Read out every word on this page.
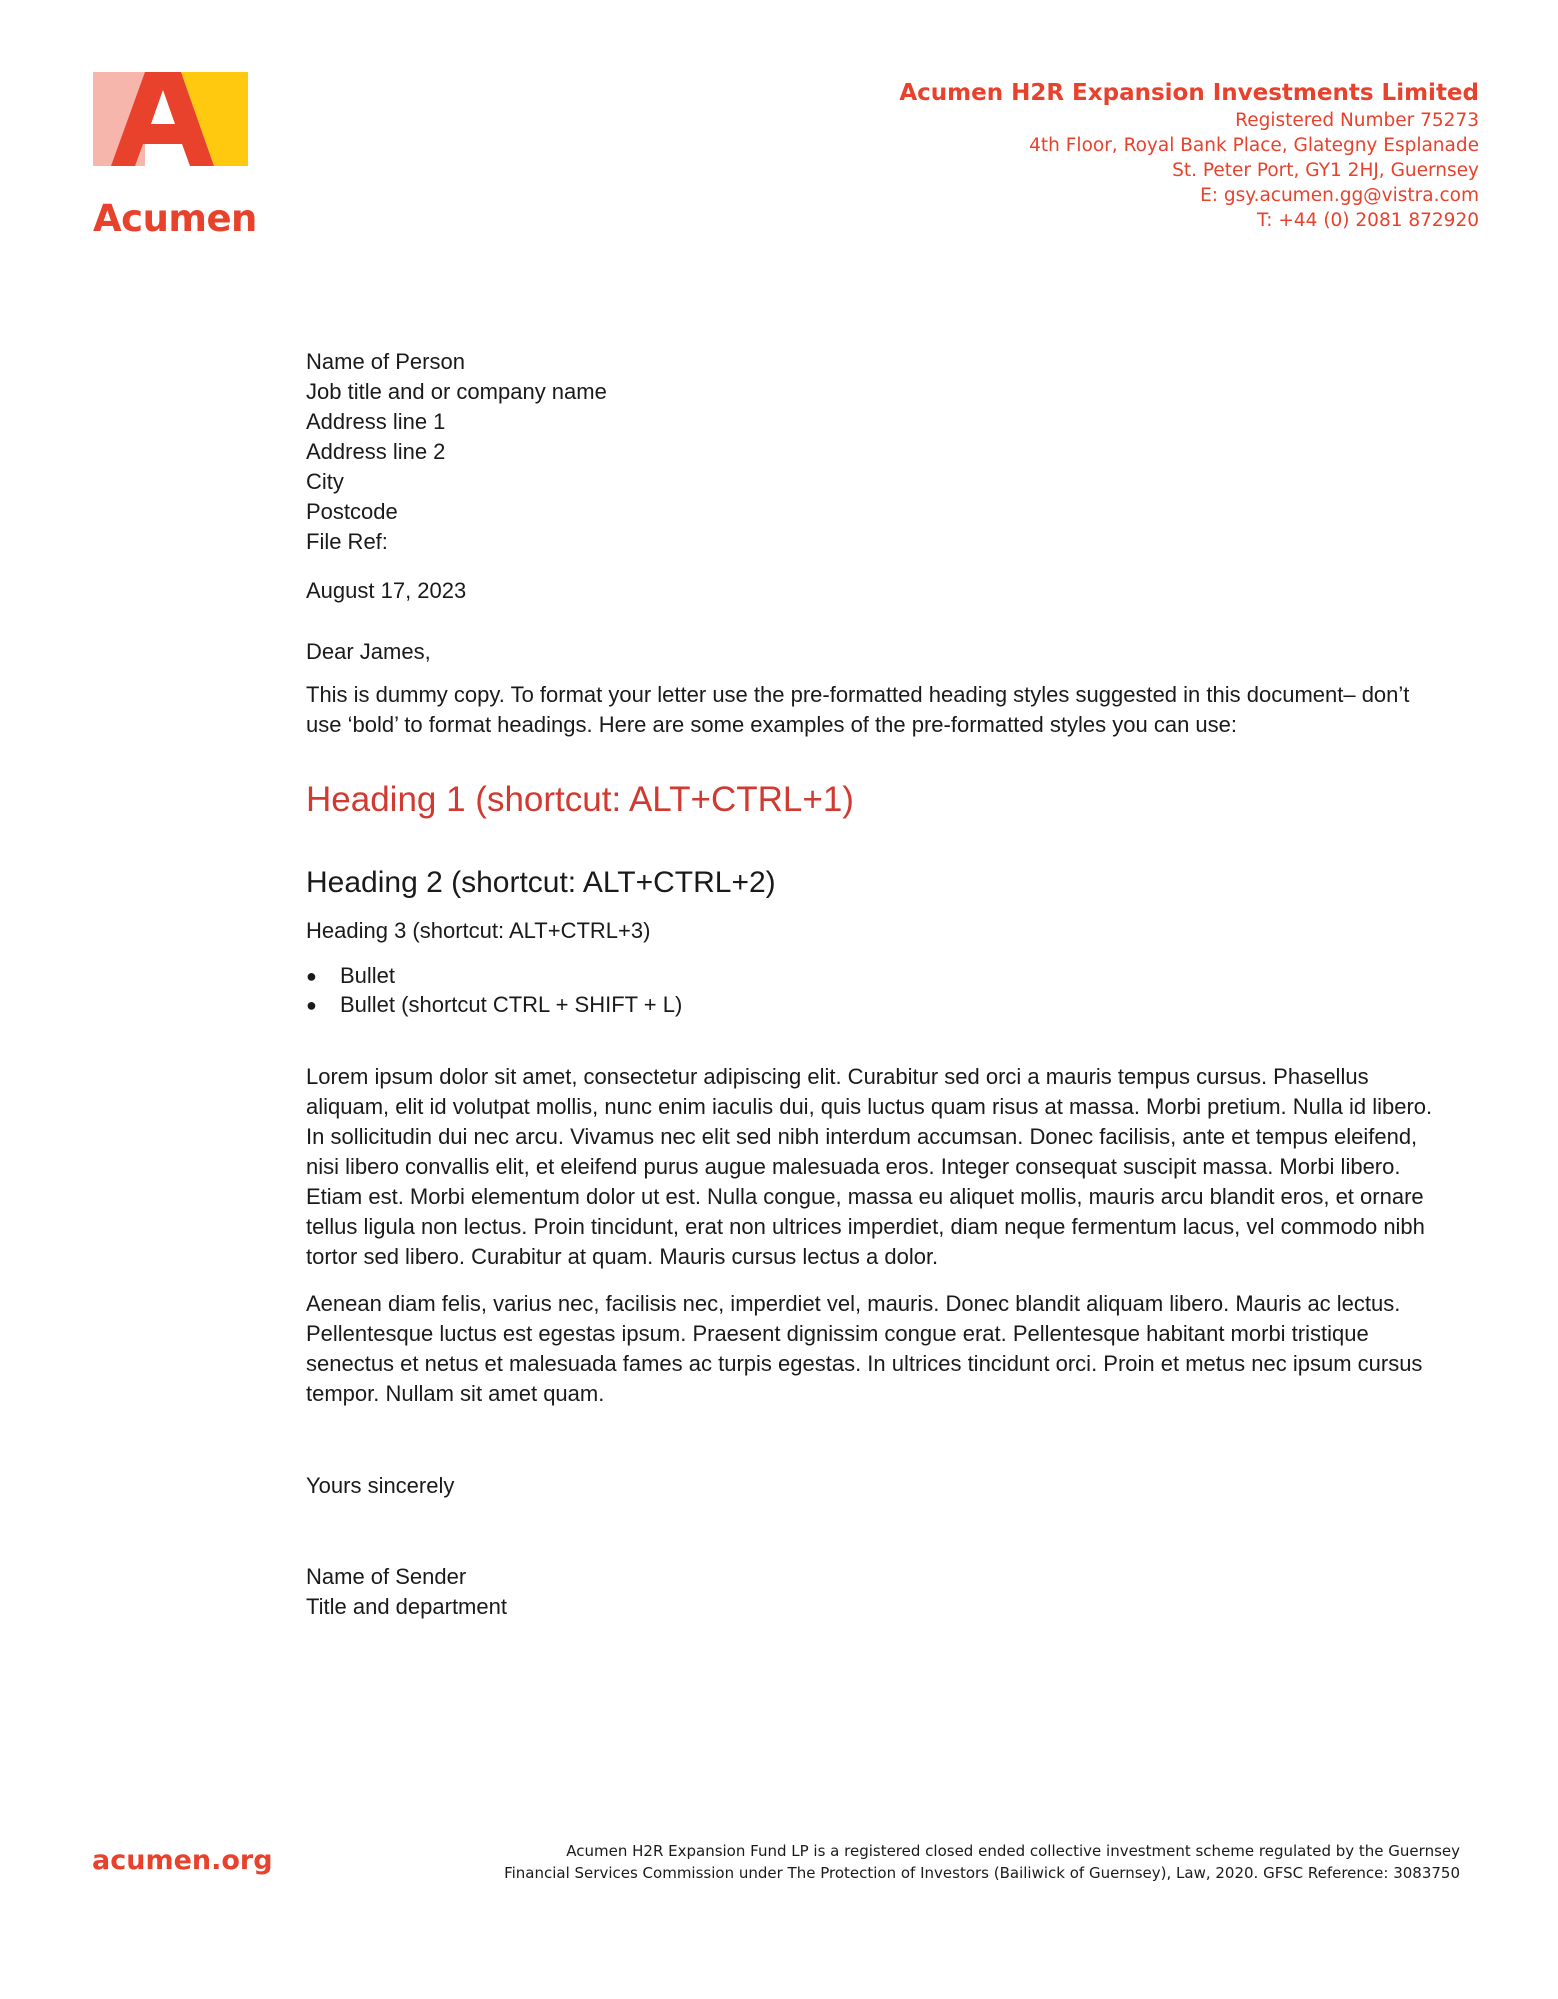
Acumen
Acumen H2R Expansion Investments Limited
Registered Number 75273
4th Floor, Royal Bank Place, Glategny Esplanade
St. Peter Port, GY1 2HJ, Guernsey
E: gsy.acumen.gg@vistra.com
T: +44 (0) 2081 872920
Name of Person
Job title and or company name
Address line 1
Address line 2
City
Postcode
File Ref:
August 17, 2023
Dear James,
This is dummy copy. To format your letter use the pre-formatted heading styles suggested in this document– don’t use ‘bold’ to format headings. Here are some examples of the pre-formatted styles you can use:
Heading 1 (shortcut: ALT+CTRL+1)
Heading 2 (shortcut: ALT+CTRL+2)
Heading 3 (shortcut: ALT+CTRL+3)
● Bullet
● Bullet (shortcut CTRL + SHIFT + L)
Lorem ipsum dolor sit amet, consectetur adipiscing elit. Curabitur sed orci a mauris tempus cursus. Phasellus aliquam, elit id volutpat mollis, nunc enim iaculis dui, quis luctus quam risus at massa. Morbi pretium. Nulla id libero. In sollicitudin dui nec arcu. Vivamus nec elit sed nibh interdum accumsan. Donec facilisis, ante et tempus eleifend, nisi libero convallis elit, et eleifend purus augue malesuada eros. Integer consequat suscipit massa. Morbi libero. Etiam est. Morbi elementum dolor ut est. Nulla congue, massa eu aliquet mollis, mauris arcu blandit eros, et ornare tellus ligula non lectus. Proin tincidunt, erat non ultrices imperdiet, diam neque fermentum lacus, vel commodo nibh tortor sed libero. Curabitur at quam. Mauris cursus lectus a dolor.
Aenean diam felis, varius nec, facilisis nec, imperdiet vel, mauris. Donec blandit aliquam libero. Mauris ac lectus. Pellentesque luctus est egestas ipsum. Praesent dignissim congue erat. Pellentesque habitant morbi tristique senectus et netus et malesuada fames ac turpis egestas. In ultrices tincidunt orci. Proin et metus nec ipsum cursus tempor. Nullam sit amet quam.
Yours sincerely
Name of Sender
Title and department
acumen.org	Acumen H2R Expansion Fund LP is a registered closed ended collective investment scheme regulated by the Guernsey
Financial Services Commission under The Protection of Investors (Bailiwick of Guernsey), Law, 2020. GFSC Reference: 3083750
